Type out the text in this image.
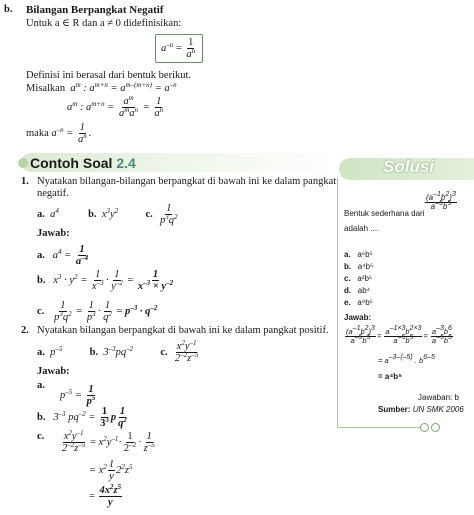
b. Bilangan Berpangkat Negatif
Untuk a ∈ R dan a ≠ 0 didefinisikan:
$a^{-n} = \frac{1}{a^n}$
Definisi ini berasal dari bentuk berikut.
Misalkan $a^m$ : $a^{m+n} = a^{m-(m+n)} = a^{-n}$
$a^m$ : $a^{m+n} = \frac{a^m}{a^ma^n} = \frac{1}{a^n}$
maka $a^{-n} = \frac{1}{a^n}$ .
Contoh Soal 2.4
1. Nyatakan bilangan-bilangan berpangkat di bawah ini ke dalam pangkat
negatif.
a. $a^4$	b. $x^3y^2$	c. $\frac{1}{p^3q^2}$
Jawab:
a. $a^4 = \frac{1}{a^{-4}}$
b. $x^3 \cdot y^2 = \frac{1}{x^{-3}} \cdot \frac{1}{y^{-2}} = \frac{1}{x^{-3} \times y^{-2}}$
c. $\frac{1}{p^3q^2} = \frac{1}{p^3} \cdot \frac{1}{q^2} = p^{-3} \cdot q^{-2}$
2. Nyatakan bilangan berpangkat di bawah ini ke dalam pangkat positif.
a. $p^{-5}$	b. $3^{-3}pq^{-2}$	c. $\frac{x^2y^{-1}}{2^{-2}z^{-5}}$
Jawab:
a.
$p^{-5} = \frac{1}{p^5}$
b. $3^{-3}$ $pq^{-2} = \frac{1}{3^3}$ p $\frac{1}{q^2}$
c. $\frac{x^2y^{-1}}{2^{-2}z^{-5}} = x^2y^{-1}\cdot \frac{1}{2^{-2}} \cdot \frac{1}{z^{-5}}$
= $x^2 \frac{1}{y} 2^2z^5$
= $\frac{4x^2z^5}{y}$
Solusi
Bentuk sederhana dari
$\frac{(a^{-1}b^2)^3}{a^{-5}b^5}$
adalah ....
a. a⁶b⁵
b. a⁴b⁵
c. a²b⁵
d. ab⁴
e. a⁹b⁵
Jawab:
$\frac{(a^{-1}b^2)^3}{a^{-5}b^5} = \frac{a^{-1\times 3}b^{2\times 3}}{a^{-5}b^5} = \frac{a^{-3}b^6}{a^{-5}b^5}$
= $a^{-3-(-5)}$ . $b^{6-5}$
= a⁴b⁵
Jawaban: b
Sumber: UN SMK 2006
